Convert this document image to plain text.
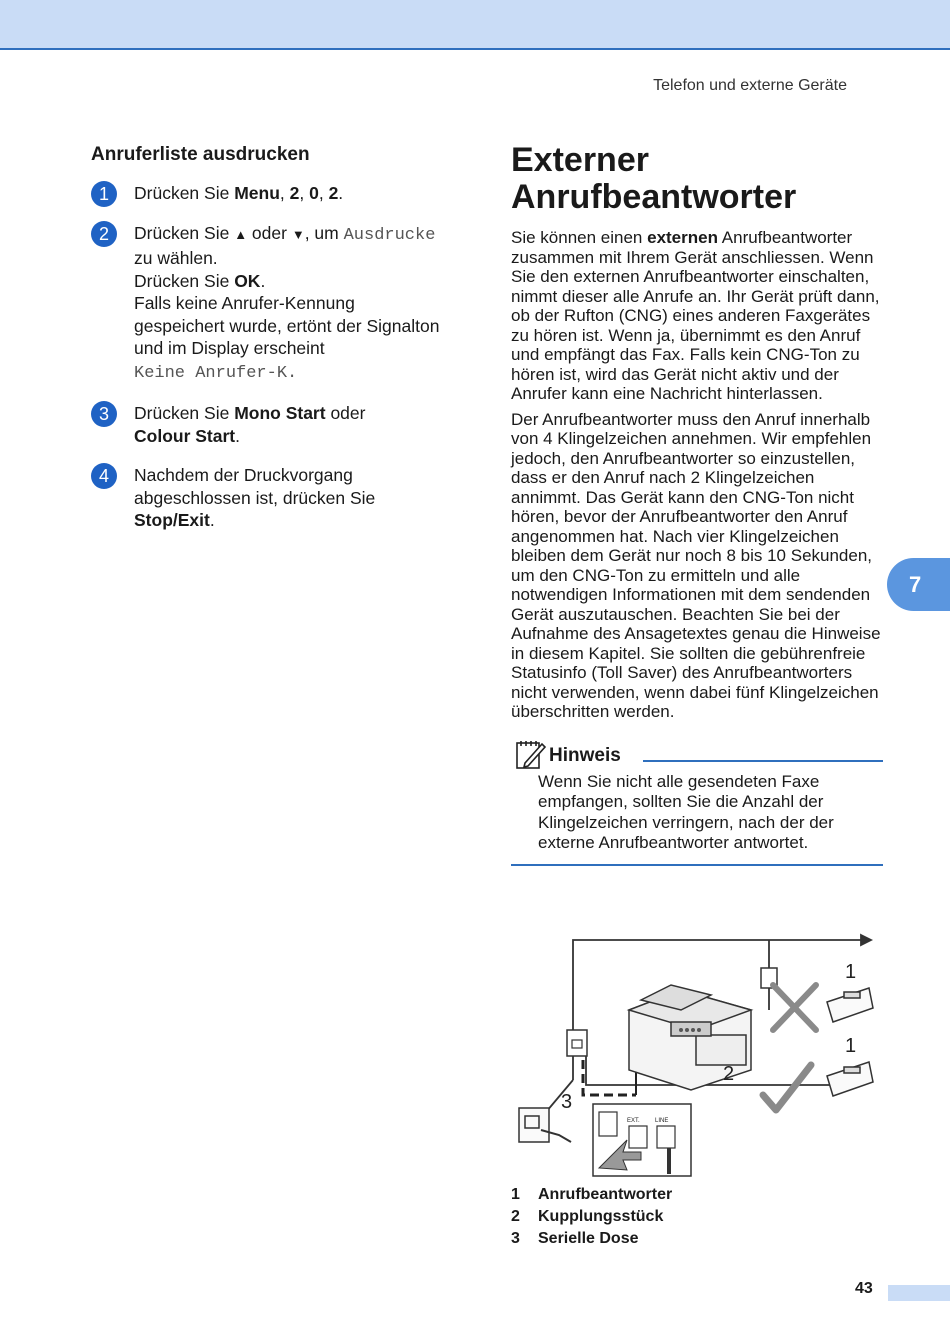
Telefon und externe Geräte
Anruferliste ausdrucken
1	Drücken Sie Menu, 2, 0, 2.
2	Drücken Sie ▲ oder ▼, um Ausdrucke
zu wählen.
Drücken Sie OK.
Falls keine Anrufer-Kennung
gespeichert wurde, ertönt der Signalton
und im Display erscheint
Keine Anrufer-K.
3	Drücken Sie Mono Start oder
Colour Start.
4	Nachdem der Druckvorgang
abgeschlossen ist, drücken Sie
Stop/Exit.
Externer
Anrufbeantworter

Sie können einen externen Anrufbeantworter zusammen mit Ihrem Gerät anschliessen. Wenn Sie den externen Anrufbeantworter einschalten, nimmt dieser alle Anrufe an. Ihr Gerät prüft dann, ob der Rufton (CNG) eines anderen Faxgerätes zu hören ist. Wenn ja, übernimmt es den Anruf und empfängt das Fax. Falls kein CNG-Ton zu hören ist, wird das Gerät nicht aktiv und der Anrufer kann eine Nachricht hinterlassen.

Der Anrufbeantworter muss den Anruf innerhalb von 4 Klingelzeichen annehmen. Wir empfehlen jedoch, den Anrufbeantworter so einzustellen, dass er den Anruf nach 2 Klingelzeichen annimmt. Das Gerät kann den CNG-Ton nicht hören, bevor der Anrufbeantworter den Anruf angenommen hat. Nach vier Klingelzeichen bleiben dem Gerät nur noch 8 bis 10 Sekunden, um den CNG-Ton zu ermitteln und alle notwendigen Informationen mit dem sendenden Gerät auszutauschen. Beachten Sie bei der Aufnahme des Ansagetextes genau die Hinweise in diesem Kapitel. Sie sollten die gebührenfreie Statusinfo (Toll Saver) des Anrufbeantworters nicht verwenden, wenn dabei fünf Klingelzeichen überschritten werden.

Hinweis
Wenn Sie nicht alle gesendeten Faxe empfangen, sollten Sie die Anzahl der Klingelzeichen verringern, nach der der externe Anrufbeantworter antwortet.
1
1
2
3
EXT.	LINE
1	Anrufbeantworter
2	Kupplungsstück
3	Serielle Dose
7
43
